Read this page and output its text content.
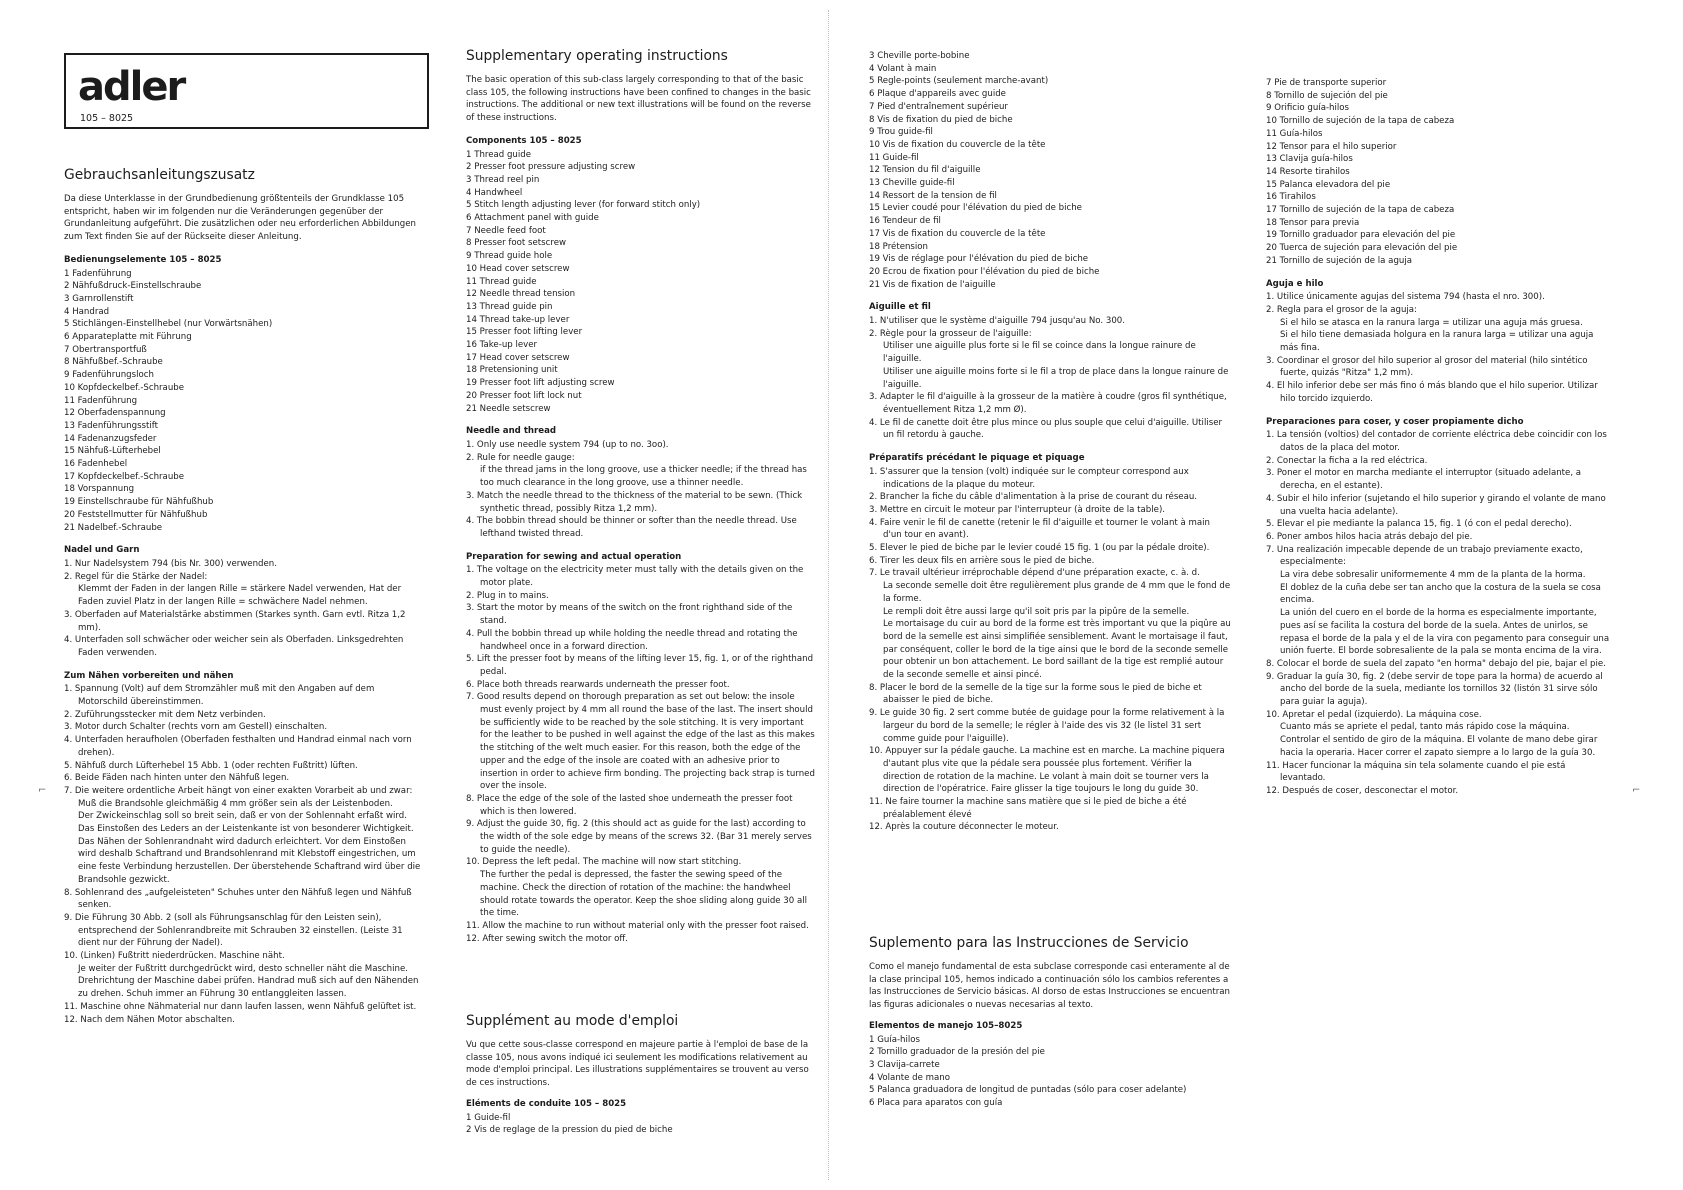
adler
105 – 8025
⌐	⌐
Gebrauchsanleitungszusatz
Da diese Unterklasse in der Grundbedienung größtenteils der Grundklasse 105 entspricht, haben wir im folgenden nur die Veränderungen gegenüber der Grundanleitung aufgeführt. Die zusätzlichen oder neu erforderlichen Abbildungen zum Text finden Sie auf der Rückseite dieser Anleitung.
Bedienungselemente 105 – 8025
1 Fadenführung
2 Nähfußdruck-Einstellschraube
3 Garnrollenstift
4 Handrad
5 Stichlängen-Einstellhebel (nur Vorwärtsnähen)
6 Apparateplatte mit Führung
7 Obertransportfuß
8 Nähfußbef.-Schraube
9 Fadenführungsloch
10 Kopfdeckelbef.-Schraube
11 Fadenführung
12 Oberfadenspannung
13 Fadenführungsstift
14 Fadenanzugsfeder
15 Nähfuß-Lüfterhebel
16 Fadenhebel
17 Kopfdeckelbef.-Schraube
18 Vorspannung
19 Einstellschraube für Nähfußhub
20 Feststellmutter für Nähfußhub
21 Nadelbef.-Schraube
Nadel und Garn
1. Nur Nadelsystem 794 (bis Nr. 300) verwenden.
2. Regel für die Stärke der Nadel:
Klemmt der Faden in der langen Rille = stärkere Nadel verwenden, Hat der Faden zuviel Platz in der langen Rille = schwächere Nadel nehmen.
3. Oberfaden auf Materialstärke abstimmen (Starkes synth. Garn evtl. Ritza 1,2 mm).
4. Unterfaden soll schwächer oder weicher sein als Oberfaden. Linksgedrehten Faden verwenden.
Zum Nähen vorbereiten und nähen
1. Spannung (Volt) auf dem Stromzähler muß mit den Angaben auf dem Motorschild übereinstimmen.
2. Zuführungsstecker mit dem Netz verbinden.
3. Motor durch Schalter (rechts vorn am Gestell) einschalten.
4. Unterfaden heraufholen (Oberfaden festhalten und Handrad einmal nach vorn drehen).
5. Nähfuß durch Lüfterhebel 15 Abb. 1 (oder rechten Fußtritt) lüften.
6. Beide Fäden nach hinten unter den Nähfuß legen.
7. Die weitere ordentliche Arbeit hängt von einer exakten Vorarbeit ab und zwar:
Muß die Brandsohle gleichmäßig 4 mm größer sein als der Leistenboden.
Der Zwickeinschlag soll so breit sein, daß er von der Sohlennaht erfaßt wird.
Das Einstoßen des Leders an der Leistenkante ist von besonderer Wichtigkeit. Das Nähen der Sohlenrandnaht wird dadurch erleichtert. Vor dem Einstoßen wird deshalb Schaftrand und Brandsohlenrand mit Klebstoff eingestrichen, um eine feste Verbindung herzustellen. Der überstehende Schaftrand wird über die Brandsohle gezwickt.
8. Sohlenrand des „aufgeleisteten" Schuhes unter den Nähfuß legen und Nähfuß senken.
9. Die Führung 30 Abb. 2 (soll als Führungsanschlag für den Leisten sein), entsprechend der Sohlenrandbreite mit Schrauben 32 einstellen. (Leiste 31 dient nur der Führung der Nadel).
10. (Linken) Fußtritt niederdrücken. Maschine näht.
Je weiter der Fußtritt durchgedrückt wird, desto schneller näht die Maschine. Drehrichtung der Maschine dabei prüfen. Handrad muß sich auf den Nähenden zu drehen. Schuh immer an Führung 30 entlanggleiten lassen.
11. Maschine ohne Nähmaterial nur dann laufen lassen, wenn Nähfuß gelüftet ist.
12. Nach dem Nähen Motor abschalten.
Supplementary operating instructions
The basic operation of this sub-class largely corresponding to that of the basic class 105, the following instructions have been confined to changes in the basic instructions. The additional or new text illustrations will be found on the reverse of these instructions.
Components 105 – 8025
1 Thread guide
2 Presser foot pressure adjusting screw
3 Thread reel pin
4 Handwheel
5 Stitch length adjusting lever (for forward stitch only)
6 Attachment panel with guide
7 Needle feed foot
8 Presser foot setscrew
9 Thread guide hole
10 Head cover setscrew
11 Thread guide
12 Needle thread tension
13 Thread guide pin
14 Thread take-up lever
15 Presser foot lifting lever
16 Take-up lever
17 Head cover setscrew
18 Pretensioning unit
19 Presser foot lift adjusting screw
20 Presser foot lift lock nut
21 Needle setscrew
Needle and thread
1. Only use needle system 794 (up to no. 3oo).
2. Rule for needle gauge:
if the thread jams in the long groove, use a thicker needle; if the thread has too much clearance in the long groove, use a thinner needle.
3. Match the needle thread to the thickness of the material to be sewn. (Thick synthetic thread, possibly Ritza 1,2 mm).
4. The bobbin thread should be thinner or softer than the needle thread. Use lefthand twisted thread.
Preparation for sewing and actual operation
1. The voltage on the electricity meter must tally with the details given on the motor plate.
2. Plug in to mains.
3. Start the motor by means of the switch on the front righthand side of the stand.
4. Pull the bobbin thread up while holding the needle thread and rotating the handwheel once in a forward direction.
5. Lift the presser foot by means of the lifting lever 15, fig. 1, or of the righthand pedal.
6. Place both threads rearwards underneath the presser foot.
7. Good results depend on thorough preparation as set out below: the insole must evenly project by 4 mm all round the base of the last. The insert should be sufficiently wide to be reached by the sole stitching. It is very important for the leather to be pushed in well against the edge of the last as this makes the stitching of the welt much easier. For this reason, both the edge of the upper and the edge of the insole are coated with an adhesive prior to insertion in order to achieve firm bonding. The projecting back strap is turned over the insole.
8. Place the edge of the sole of the lasted shoe underneath the presser foot which is then lowered.
9. Adjust the guide 30, fig. 2 (this should act as guide for the last) according to the width of the sole edge by means of the screws 32. (Bar 31 merely serves to guide the needle).
10. Depress the left pedal. The machine will now start stitching.
The further the pedal is depressed, the faster the sewing speed of the machine. Check the direction of rotation of the machine: the handwheel should rotate towards the operator. Keep the shoe sliding along guide 30 all the time.
11. Allow the machine to run without material only with the presser foot raised.
12. After sewing switch the motor off.
Supplément au mode d'emploi
Vu que cette sous-classe correspond en majeure partie à l'emploi de base de la classe 105, nous avons indiqué ici seulement les modifications relativement au mode d'emploi principal. Les illustrations supplémentaires se trouvent au verso de ces instructions.
Eléments de conduite 105 – 8025
1 Guide-fil
2 Vis de reglage de la pression du pied de biche
3 Cheville porte-bobine
4 Volant à main
5 Regle-points (seulement marche-avant)
6 Plaque d'appareils avec guide
7 Pied d'entraînement supérieur
8 Vis de fixation du pied de biche
9 Trou guide-fil
10 Vis de fixation du couvercle de la tête
11 Guide-fil
12 Tension du fil d'aiguille
13 Cheville guide-fil
14 Ressort de la tension de fil
15 Levier coudé pour l'élévation du pied de biche
16 Tendeur de fil
17 Vis de fixation du couvercle de la tête
18 Prétension
19 Vis de réglage pour l'élévation du pied de biche
20 Ecrou de fixation pour l'élévation du pied de biche
21 Vis de fixation de l'aiguille
Aiguille et fil
1. N'utiliser que le système d'aiguille 794 jusqu'au No. 300.
2. Règle pour la grosseur de l'aiguille:
Utiliser une aiguille plus forte si le fil se coince dans la longue rainure de l'aiguille.
Utiliser une aiguille moins forte si le fil a trop de place dans la longue rainure de l'aiguille.
3. Adapter le fil d'aiguille à la grosseur de la matière à coudre (gros fil synthétique, éventuellement Ritza 1,2 mm Ø).
4. Le fil de canette doit être plus mince ou plus souple que celui d'aiguille. Utiliser un fil retordu à gauche.
Préparatifs précédant le piquage et piquage
1. S'assurer que la tension (volt) indiquée sur le compteur correspond aux indications de la plaque du moteur.
2. Brancher la fiche du câble d'alimentation à la prise de courant du réseau.
3. Mettre en circuit le moteur par l'interrupteur (à droite de la table).
4. Faire venir le fil de canette (retenir le fil d'aiguille et tourner le volant à main d'un tour en avant).
5. Elever le pied de biche par le levier coudé 15 fig. 1 (ou par la pédale droite).
6. Tirer les deux fils en arrière sous le pied de biche.
7. Le travail ultérieur irréprochable dépend d'une préparation exacte, c. à. d.
La seconde semelle doit être regulièrement plus grande de 4 mm que le fond de la forme.
Le rempli doit être aussi large qu'il soit pris par la pipûre de la semelle.
Le mortaisage du cuir au bord de la forme est très important vu que la piqûre au bord de la semelle est ainsi simplifiée sensiblement. Avant le mortaisage il faut, par conséquent, coller le bord de la tige ainsi que le bord de la seconde semelle pour obtenir un bon attachement. Le bord saillant de la tige est remplié autour de la seconde semelle et ainsi pincé.
8. Placer le bord de la semelle de la tige sur la forme sous le pied de biche et abaisser le pied de biche.
9. Le guide 30 fig. 2 sert comme butée de guidage pour la forme relativement à la largeur du bord de la semelle; le régler à l'aide des vis 32 (le listel 31 sert comme guide pour l'aiguille).
10. Appuyer sur la pédale gauche. La machine est en marche. La machine piquera d'autant plus vite que la pédale sera poussée plus fortement. Vérifier la direction de rotation de la machine. Le volant à main doit se tourner vers la direction de l'opératrice. Faire glisser la tige toujours le long du guide 30.
11. Ne faire tourner la machine sans matière que si le pied de biche a été préalablement élevé
12. Après la couture déconnecter le moteur.
Suplemento para las Instrucciones de Servicio
Como el manejo fundamental de esta subclase corresponde casi enteramente al de la clase principal 105, hemos indicado a continuación sólo los cambios referentes a las Instrucciones de Servicio básicas. Al dorso de estas Instrucciones se encuentran las figuras adicionales o nuevas necesarias al texto.
Elementos de manejo 105–8025
1 Guía-hilos
2 Tornillo graduador de la presión del pie
3 Clavija-carrete
4 Volante de mano
5 Palanca graduadora de longitud de puntadas (sólo para coser adelante)
6 Placa para aparatos con guía
7 Pie de transporte superior
8 Tornillo de sujeción del pie
9 Orificio guía-hilos
10 Tornillo de sujeción de la tapa de cabeza
11 Guía-hilos
12 Tensor para el hilo superior
13 Clavija guía-hilos
14 Resorte tirahilos
15 Palanca elevadora del pie
16 Tirahilos
17 Tornillo de sujeción de la tapa de cabeza
18 Tensor para previa
19 Tornillo graduador para elevación del pie
20 Tuerca de sujeción para elevación del pie
21 Tornillo de sujeción de la aguja
Aguja e hilo
1. Utilice únicamente agujas del sistema 794 (hasta el nro. 300).
2. Regla para el grosor de la aguja:
Si el hilo se atasca en la ranura larga = utilizar una aguja más gruesa.
Si el hilo tiene demasiada holgura en la ranura larga = utilizar una aguja más fina.
3. Coordinar el grosor del hilo superior al grosor del material (hilo sintético fuerte, quizás "Ritza" 1,2 mm).
4. El hilo inferior debe ser más fino ó más blando que el hilo superior. Utilizar hilo torcido izquierdo.
Preparaciones para coser, y coser propiamente dicho
1. La tensión (voltios) del contador de corriente eléctrica debe coincidir con los datos de la placa del motor.
2. Conectar la ficha a la red eléctrica.
3. Poner el motor en marcha mediante el interruptor (situado adelante, a derecha, en el estante).
4. Subir el hilo inferior (sujetando el hilo superior y girando el volante de mano una vuelta hacia adelante).
5. Elevar el pie mediante la palanca 15, fig. 1 (ó con el pedal derecho).
6. Poner ambos hilos hacia atrás debajo del pie.
7. Una realización impecable depende de un trabajo previamente exacto, especialmente:
La vira debe sobresalir uniformemente 4 mm de la planta de la horma.
El doblez de la cuña debe ser tan ancho que la costura de la suela se cosa encima.
La unión del cuero en el borde de la horma es especialmente importante, pues así se facilita la costura del borde de la suela. Antes de unirlos, se repasa el borde de la pala y el de la vira con pegamento para conseguir una unión fuerte. El borde sobresaliente de la pala se monta encima de la vira.
8. Colocar el borde de suela del zapato "en horma" debajo del pie, bajar el pie.
9. Graduar la guía 30, fig. 2 (debe servir de tope para la horma) de acuerdo al ancho del borde de la suela, mediante los tornillos 32 (listón 31 sirve sólo para guiar la aguja).
10. Apretar el pedal (izquierdo). La máquina cose.
Cuanto más se apriete el pedal, tanto más rápido cose la máquina. Controlar el sentido de giro de la máquina. El volante de mano debe girar hacia la operaria. Hacer correr el zapato siempre a lo largo de la guía 30.
11. Hacer funcionar la máquina sin tela solamente cuando el pie está levantado.
12. Después de coser, desconectar el motor.
